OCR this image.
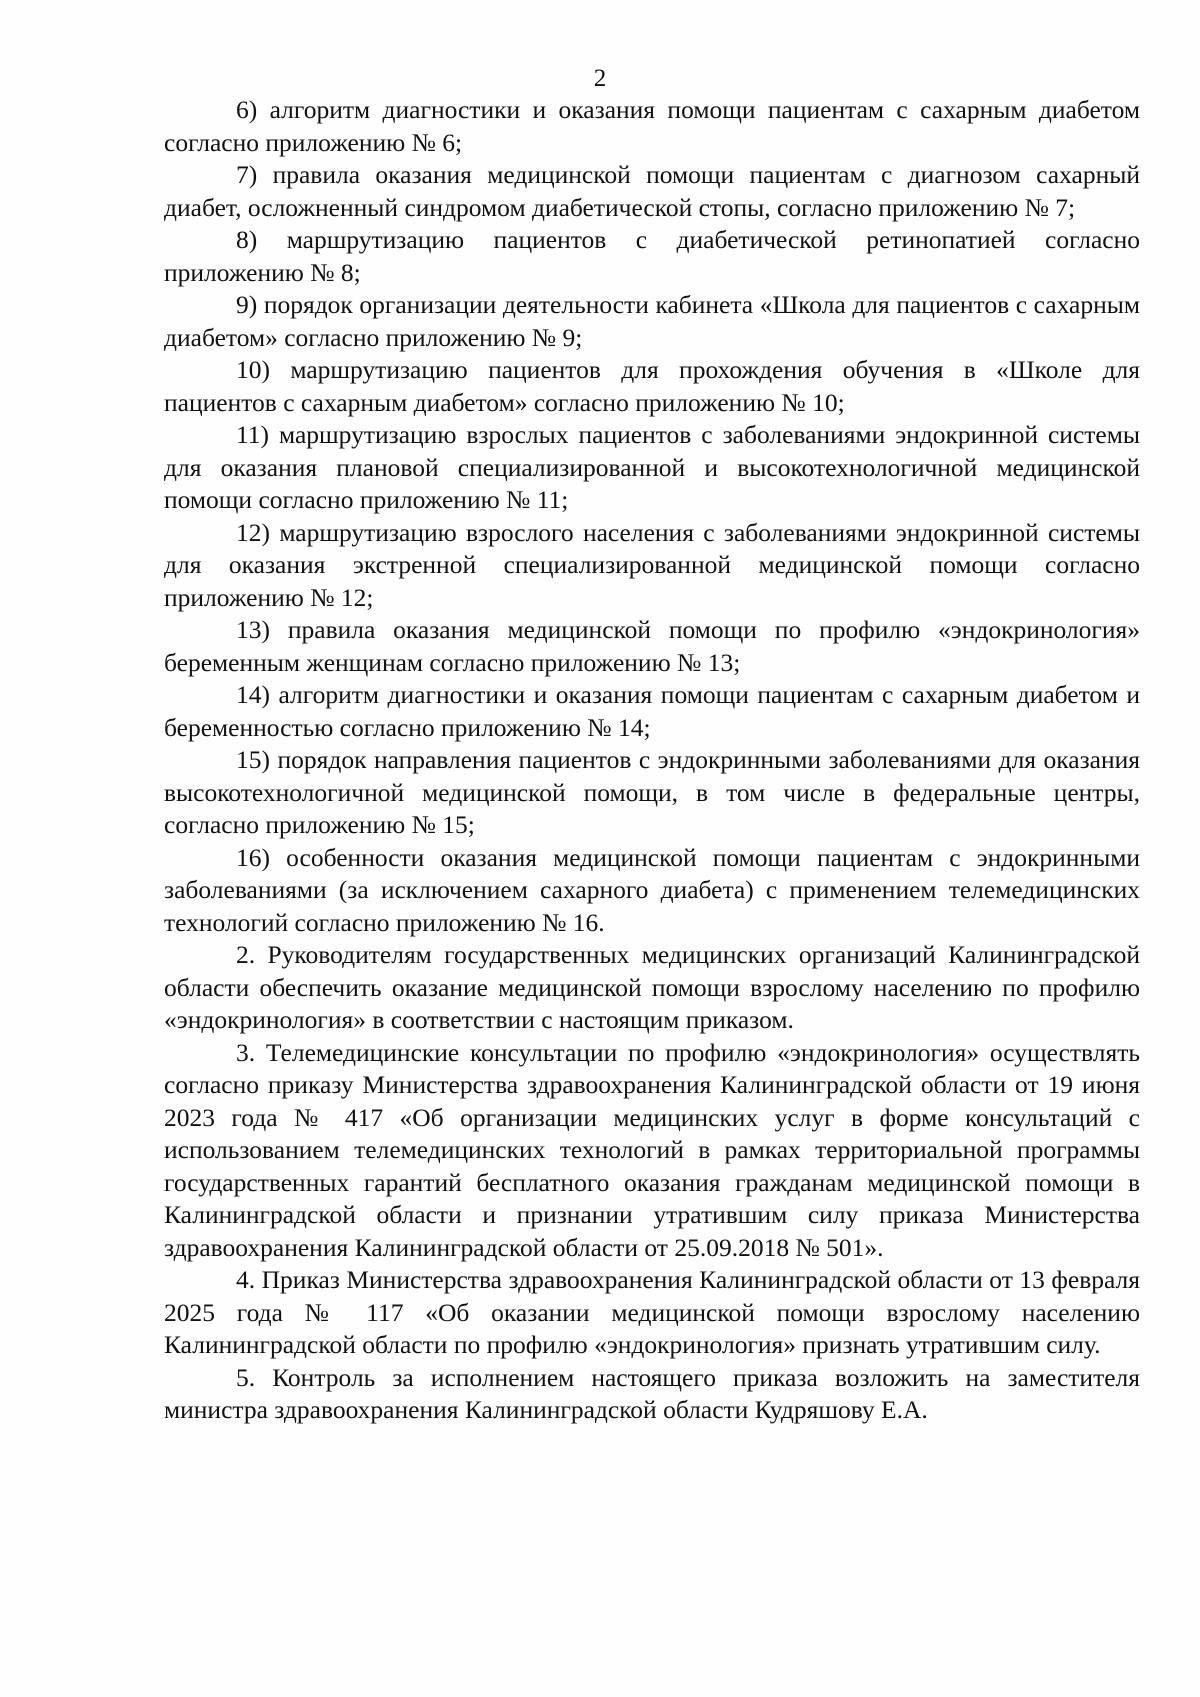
2

6) алгоритм диагностики и оказания помощи пациентам с сахарным диабетом согласно приложению № 6;

7) правила оказания медицинской помощи пациентам с диагнозом сахарный диабет, осложненный синдромом диабетической стопы, согласно приложению № 7;

8) маршрутизацию пациентов с диабетической ретинопатией согласно приложению № 8;

9) порядок организации деятельности кабинета «Школа для пациентов с сахарным диабетом» согласно приложению № 9;

10) маршрутизацию пациентов для прохождения обучения в «Школе для пациентов с сахарным диабетом» согласно приложению № 10;

11) маршрутизацию взрослых пациентов с заболеваниями эндокринной системы для оказания плановой специализированной и высокотехнологичной медицинской помощи согласно приложению № 11;

12) маршрутизацию взрослого населения с заболеваниями эндокринной системы для оказания экстренной специализированной медицинской помощи согласно приложению № 12;

13) правила оказания медицинской помощи по профилю «эндокринология» беременным женщинам согласно приложению № 13;

14) алгоритм диагностики и оказания помощи пациентам с сахарным диабетом и беременностью согласно приложению № 14;

15) порядок направления пациентов с эндокринными заболеваниями для оказания высокотехнологичной медицинской помощи, в том числе в федеральные центры, согласно приложению № 15;

16) особенности оказания медицинской помощи пациентам с эндокринными заболеваниями (за исключением сахарного диабета) с применением телемедицинских технологий согласно приложению № 16.

2. Руководителям государственных медицинских организаций Калининградской области обеспечить оказание медицинской помощи взрослому населению по профилю «эндокринология» в соответствии с настоящим приказом.

3. Телемедицинские консультации по профилю «эндокринология» осуществлять согласно приказу Министерства здравоохранения Калининградской области от 19 июня 2023 года № 417 «Об организации медицинских услуг в форме консультаций с использованием телемедицинских технологий в рамках территориальной программы государственных гарантий бесплатного оказания гражданам медицинской помощи в Калининградской области и признании утратившим силу приказа Министерства здравоохранения Калининградской области от 25.09.2018 № 501».

4. Приказ Министерства здравоохранения Калининградской области от 13 февраля 2025 года № 117 «Об оказании медицинской помощи взрослому населению Калининградской области по профилю «эндокринология» признать утратившим силу.

5. Контроль за исполнением настоящего приказа возложить на заместителя министра здравоохранения Калининградской области Кудряшову Е.А.
